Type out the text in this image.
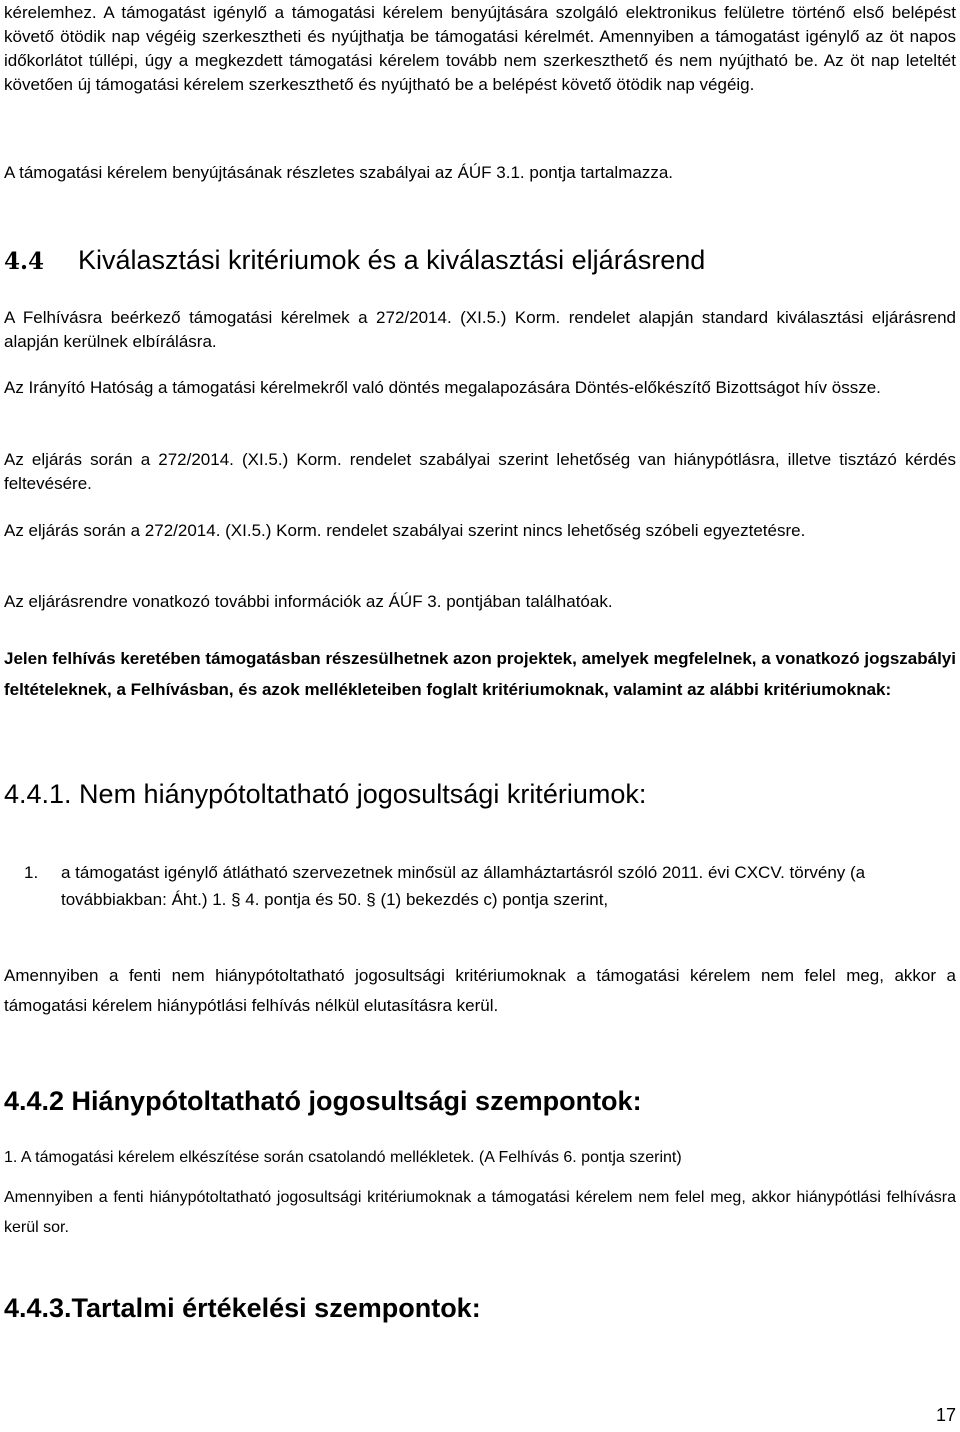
kérelemhez. A támogatást igénylő a támogatási kérelem benyújtására szolgáló elektronikus felületre történő első belépést követő ötödik nap végéig szerkesztheti és nyújthatja be támogatási kérelmét. Amennyiben a támogatást igénylő az öt napos időkorlátot túllépi, úgy a megkezdett támogatási kérelem tovább nem szerkeszthető és nem nyújtható be. Az öt nap leteltét követően új támogatási kérelem szerkeszthető és nyújtható be a belépést követő ötödik nap végéig.

A támogatási kérelem benyújtásának részletes szabályai az ÁÚF 3.1. pontja tartalmazza.

4.4 Kiválasztási kritériumok és a kiválasztási eljárásrend

A Felhívásra beérkező támogatási kérelmek a 272/2014. (XI.5.) Korm. rendelet alapján standard kiválasztási eljárásrend alapján kerülnek elbírálásra.

Az Irányító Hatóság a támogatási kérelmekről való döntés megalapozására Döntés-előkészítő Bizottságot hív össze.

Az eljárás során a 272/2014. (XI.5.) Korm. rendelet szabályai szerint lehetőség van hiánypótlásra, illetve tisztázó kérdés feltevésére.

Az eljárás során a 272/2014. (XI.5.) Korm. rendelet szabályai szerint nincs lehetőség szóbeli egyeztetésre.

Az eljárásrendre vonatkozó további információk az ÁÚF 3. pontjában találhatóak.

Jelen felhívás keretében támogatásban részesülhetnek azon projektek, amelyek megfelelnek, a vonatkozó jogszabályi feltételeknek, a Felhívásban, és azok mellékleteiben foglalt kritériumoknak, valamint az alábbi kritériumoknak:

4.4.1. Nem hiánypótoltatható jogosultsági kritériumok:
1. a támogatást igénylő átlátható szervezetnek minősül az államháztartásról szóló 2011. évi CXCV. törvény (a továbbiakban: Áht.) 1. § 4. pontja és 50. § (1) bekezdés c) pontja szerint,

Amennyiben a fenti nem hiánypótoltatható jogosultsági kritériumoknak a támogatási kérelem nem felel meg, akkor a támogatási kérelem hiánypótlási felhívás nélkül elutasításra kerül.

4.4.2 Hiánypótoltatható jogosultsági szempontok:

1. A támogatási kérelem elkészítése során csatolandó mellékletek. (A Felhívás 6. pontja szerint)

Amennyiben a fenti hiánypótoltatható jogosultsági kritériumoknak a támogatási kérelem nem felel meg, akkor hiánypótlási felhívásra kerül sor.

4.4.3.Tartalmi értékelési szempontok:
17
